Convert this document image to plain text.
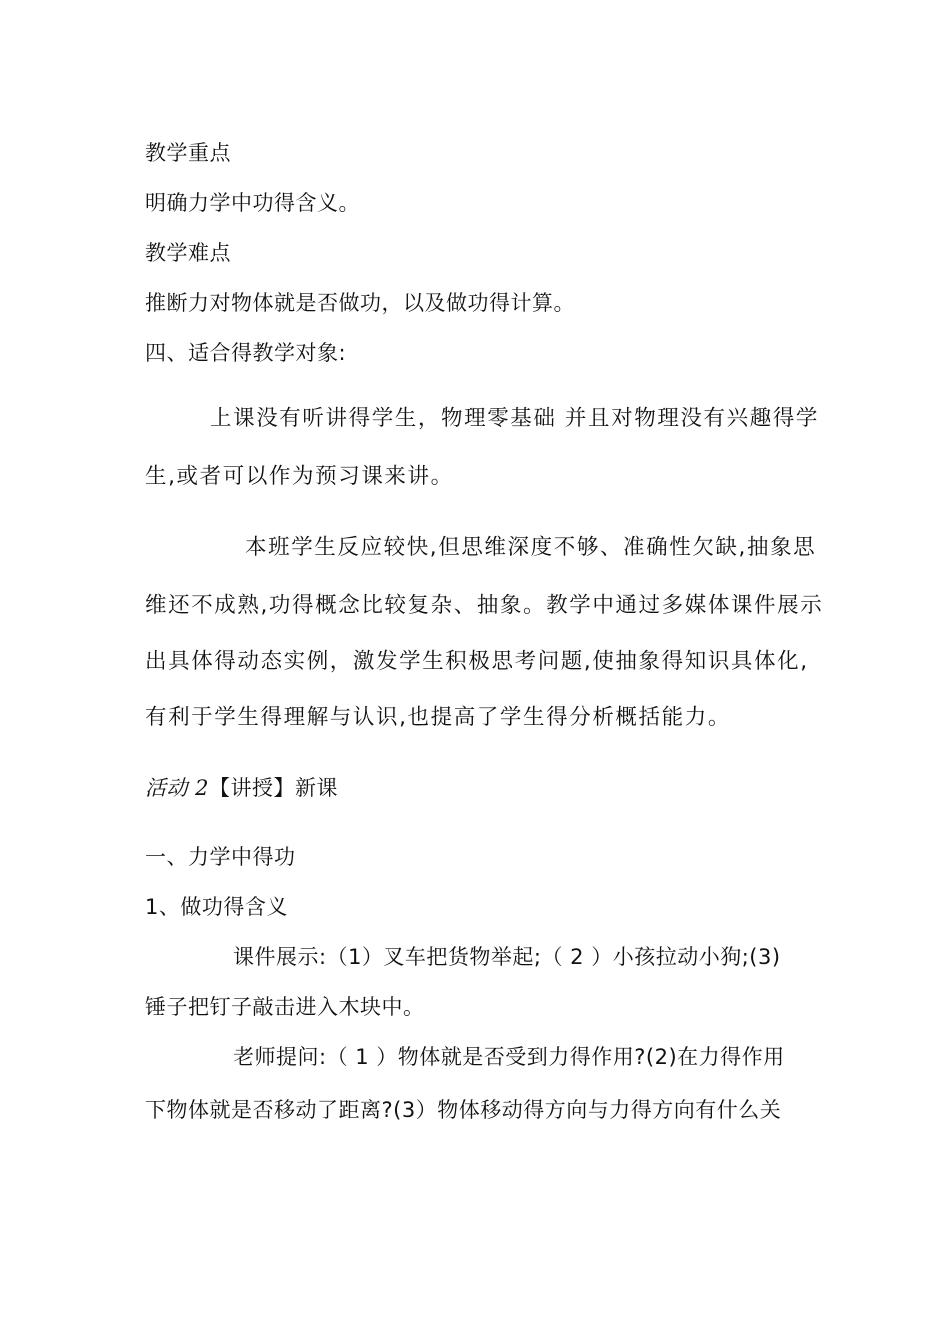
教学重点
明确力学中功得含义。
教学难点
推断力对物体就是否做功，以及做功得计算。
四、适合得教学对象:
上课没有听讲得学生，物理零基础 并且对物理没有兴趣得学
生,或者可以作为预习课来讲。
本班学生反应较快,但思维深度不够、准确性欠缺,抽象思
维还不成熟,功得概念比较复杂、抽象。教学中通过多媒体课件展示
出具体得动态实例，激发学生积极思考问题,使抽象得知识具体化,
有利于学生得理解与认识,也提高了学生得分析概括能力。
活动 2【讲授】新课
一、力学中得功
1、做功得含义
课件展示:（1）叉车把货物举起;（ 2 ）小孩拉动小狗;(3)
锤子把钉子敲击进入木块中。
老师提问:（ 1 ）物体就是否受到力得作用?(2)在力得作用
下物体就是否移动了距离?(3）物体移动得方向与力得方向有什么关
